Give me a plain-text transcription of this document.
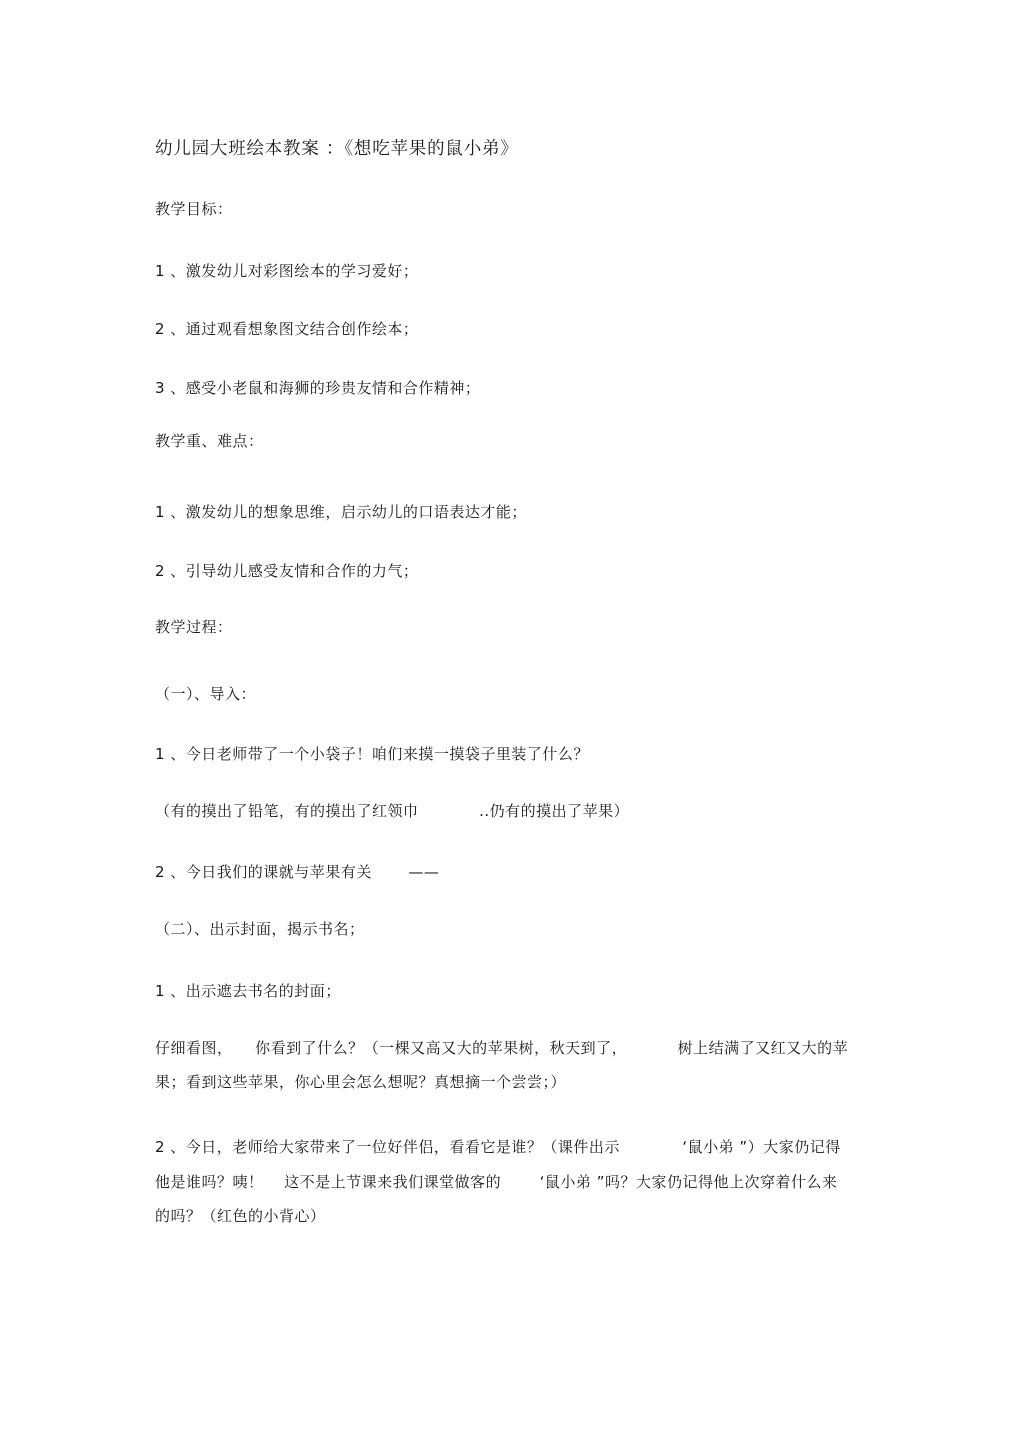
幼儿园大班绘本教案 ：《想吃苹果的鼠小弟》
教学目标：
1 、激发幼儿对彩图绘本的学习爱好；
2 、通过观看想象图文结合创作绘本；
3 、感受小老鼠和海狮的珍贵友情和合作精神；
教学重、难点：
1 、激发幼儿的想象思维，启示幼儿的口语表达才能；
2 、引导幼儿感受友情和合作的力气；
教学过程：
（一）、导入：
1 、今日老师带了一个小袋子！咱们来摸一摸袋子里装了什么？
（有的摸出了铅笔，有的摸出了红领巾	..仍有的摸出了苹果）
2 、今日我们的课就与苹果有关 ——
（二）、出示封面，揭示书名；
1 、出示遮去书名的封面；
仔细看图， 你看到了什么？（一棵又高又大的苹果树，秋天到了，	树上结满了又红又大的苹
果；看到这些苹果，你心里会怎么想呢？真想摘一个尝尝；）
2 、今日，老师给大家带来了一位好伴侣，看看它是谁？（课件出示	‘鼠小弟 ”）大家仍记得
他是谁吗？咦！ 这不是上节课来我们课堂做客的	‘鼠小弟 ”吗？大家仍记得他上次穿着什么来
的吗？（红色的小背心）
